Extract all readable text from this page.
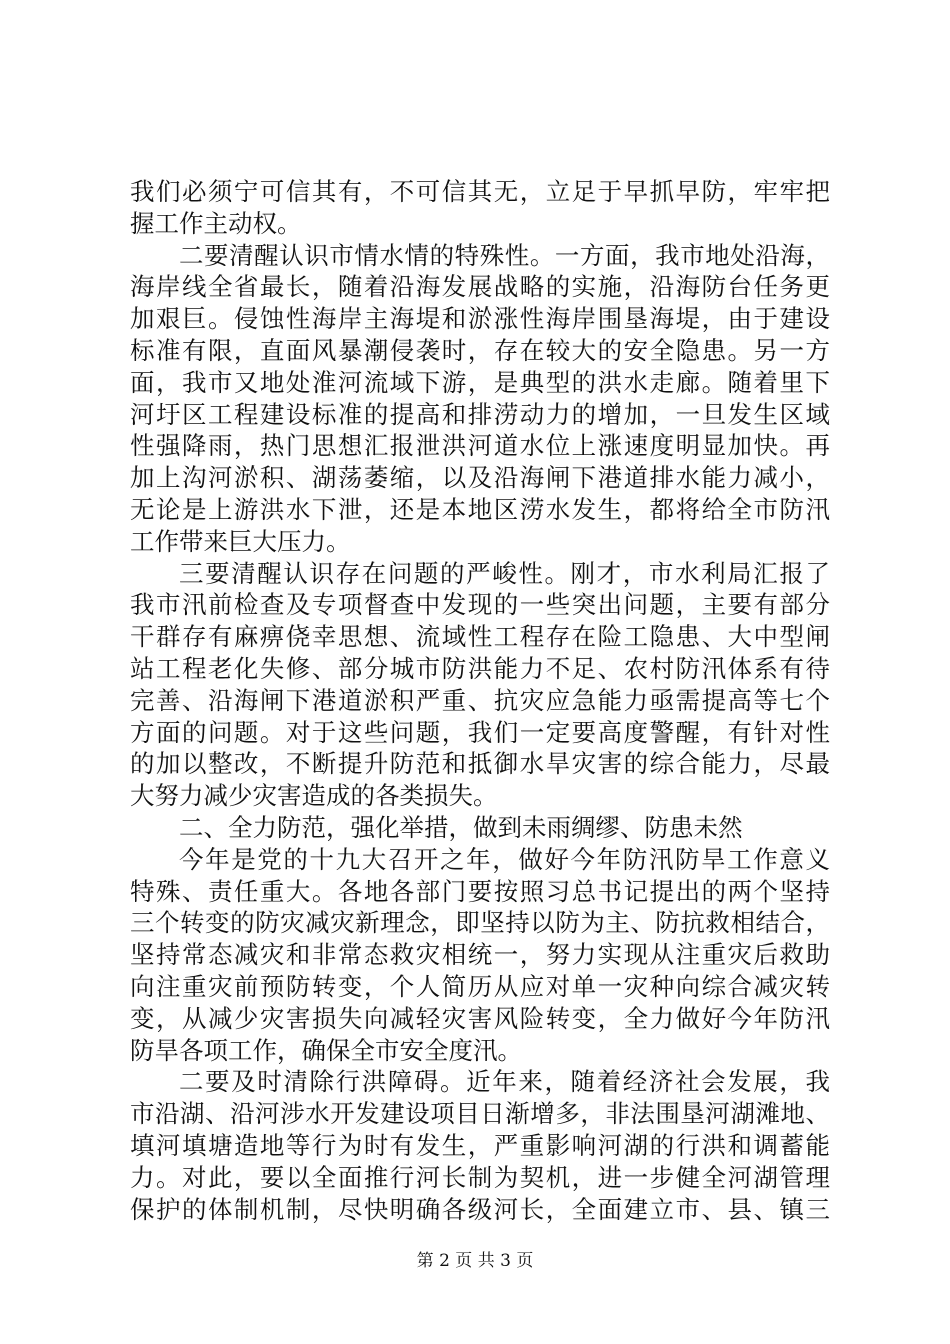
我们必须宁可信其有，不可信其无，立足于早抓早防，牢牢把
握工作主动权。
二要清醒认识市情水情的特殊性。一方面，我市地处沿海，
海岸线全省最长，随着沿海发展战略的实施，沿海防台任务更
加艰巨。侵蚀性海岸主海堤和淤涨性海岸围垦海堤，由于建设
标准有限，直面风暴潮侵袭时，存在较大的安全隐患。另一方
面，我市又地处淮河流域下游，是典型的洪水走廊。随着里下
河圩区工程建设标准的提高和排涝动力的增加，一旦发生区域
性强降雨，热门思想汇报泄洪河道水位上涨速度明显加快。再
加上沟河淤积、湖荡萎缩，以及沿海闸下港道排水能力减小，
无论是上游洪水下泄，还是本地区涝水发生，都将给全市防汛
工作带来巨大压力。
三要清醒认识存在问题的严峻性。刚才，市水利局汇报了
我市汛前检查及专项督查中发现的一些突出问题，主要有部分
干群存有麻痹侥幸思想、流域性工程存在险工隐患、大中型闸
站工程老化失修、部分城市防洪能力不足、农村防汛体系有待
完善、沿海闸下港道淤积严重、抗灾应急能力亟需提高等七个
方面的问题。对于这些问题，我们一定要高度警醒，有针对性
的加以整改，不断提升防范和抵御水旱灾害的综合能力，尽最
大努力减少灾害造成的各类损失。
二、全力防范，强化举措，做到未雨绸缪、防患未然
今年是党的十九大召开之年，做好今年防汛防旱工作意义
特殊、责任重大。各地各部门要按照习总书记提出的两个坚持
三个转变的防灾减灾新理念，即坚持以防为主、防抗救相结合，
坚持常态减灾和非常态救灾相统一，努力实现从注重灾后救助
向注重灾前预防转变，个人简历从应对单一灾种向综合减灾转
变，从减少灾害损失向减轻灾害风险转变，全力做好今年防汛
防旱各项工作，确保全市安全度汛。
二要及时清除行洪障碍。近年来，随着经济社会发展，我
市沿湖、沿河涉水开发建设项目日渐增多，非法围垦河湖滩地、
填河填塘造地等行为时有发生，严重影响河湖的行洪和调蓄能
力。对此，要以全面推行河长制为契机，进一步健全河湖管理
保护的体制机制，尽快明确各级河长，全面建立市、县、镇三
第 2 页 共 3 页
